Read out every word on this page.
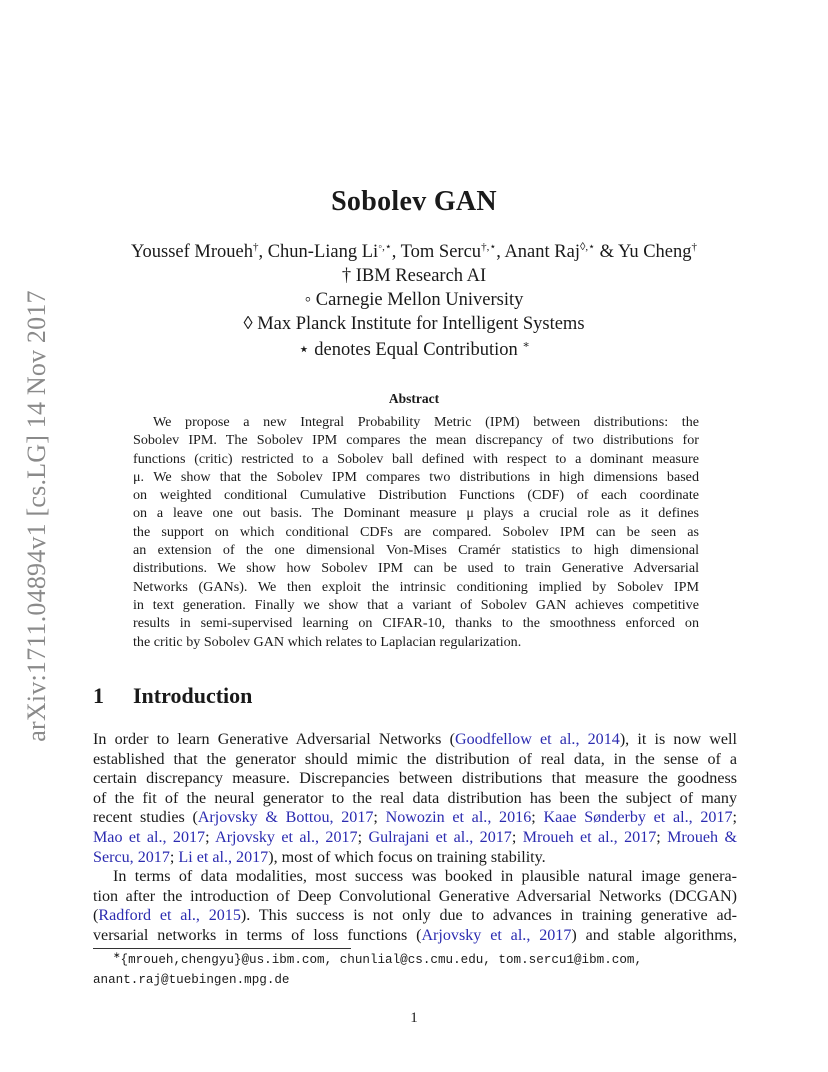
arXiv:1711.04894v1 [cs.LG] 14 Nov 2017
Sobolev GAN
Youssef Mroueh†, Chun-Liang Li◦,⋆, Tom Sercu†,⋆, Anant Raj◊,⋆ & Yu Cheng†
† IBM Research AI
◦ Carnegie Mellon University
◊ Max Planck Institute for Intelligent Systems
⋆ denotes Equal Contribution ∗
Abstract
We propose a new Integral Probability Metric (IPM) between distributions: the
Sobolev IPM. The Sobolev IPM compares the mean discrepancy of two distributions for
functions (critic) restricted to a Sobolev ball defined with respect to a dominant measure
μ. We show that the Sobolev IPM compares two distributions in high dimensions based
on weighted conditional Cumulative Distribution Functions (CDF) of each coordinate
on a leave one out basis. The Dominant measure μ plays a crucial role as it defines
the support on which conditional CDFs are compared. Sobolev IPM can be seen as
an extension of the one dimensional Von-Mises Cramér statistics to high dimensional
distributions. We show how Sobolev IPM can be used to train Generative Adversarial
Networks (GANs). We then exploit the intrinsic conditioning implied by Sobolev IPM
in text generation. Finally we show that a variant of Sobolev GAN achieves competitive
results in semi-supervised learning on CIFAR-10, thanks to the smoothness enforced on
the critic by Sobolev GAN which relates to Laplacian regularization.
1 Introduction
In order to learn Generative Adversarial Networks (Goodfellow et al., 2014), it is now well
established that the generator should mimic the distribution of real data, in the sense of a
certain discrepancy measure. Discrepancies between distributions that measure the goodness
of the fit of the neural generator to the real data distribution has been the subject of many
recent studies (Arjovsky & Bottou, 2017; Nowozin et al., 2016; Kaae Sønderby et al., 2017;
Mao et al., 2017; Arjovsky et al., 2017; Gulrajani et al., 2017; Mroueh et al., 2017; Mroueh &
Sercu, 2017; Li et al., 2017), most of which focus on training stability.
In terms of data modalities, most success was booked in plausible natural image genera-
tion after the introduction of Deep Convolutional Generative Adversarial Networks (DCGAN)
(Radford et al., 2015). This success is not only due to advances in training generative ad-
versarial networks in terms of loss functions (Arjovsky et al., 2017) and stable algorithms,
∗{mroueh,chengyu}@us.ibm.com, chunlial@cs.cmu.edu, tom.sercu1@ibm.com,
anant.raj@tuebingen.mpg.de
1
